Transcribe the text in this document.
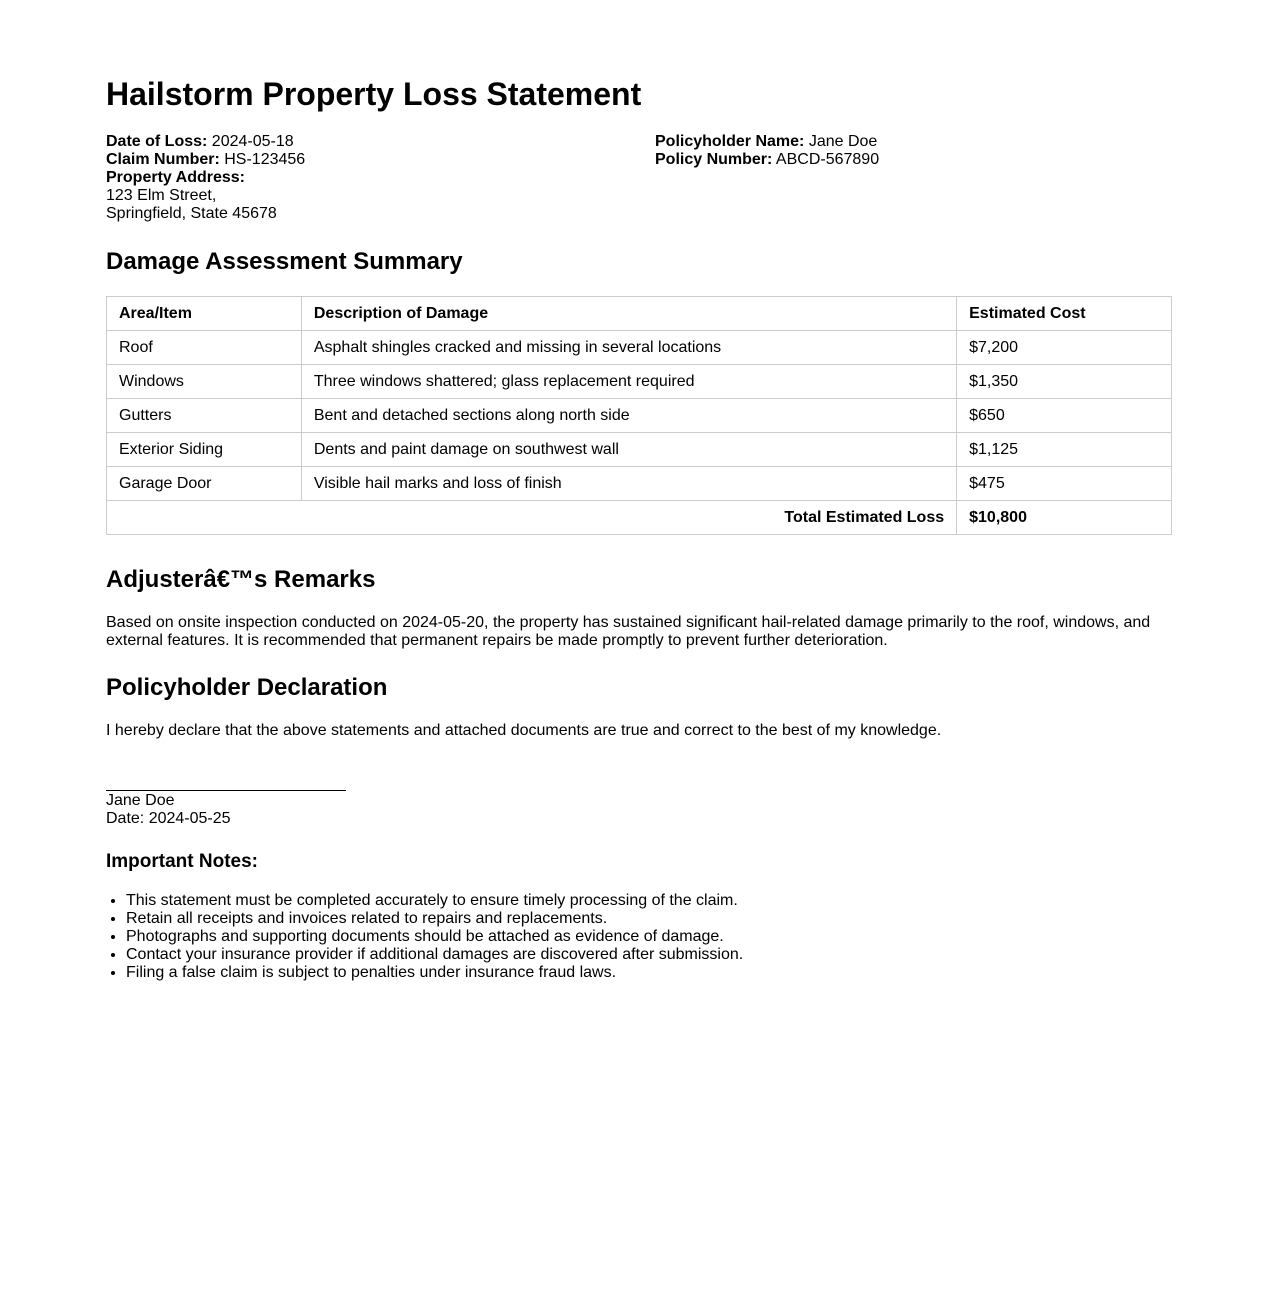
Hailstorm Property Loss Statement
Date of Loss: 2024-05-18
Claim Number: HS-123456
Property Address:
123 Elm Street,
Springfield, State 45678
Policyholder Name: Jane Doe
Policy Number: ABCD-567890
Damage Assessment Summary
Area/Item	Description of Damage	Estimated Cost
Roof	Asphalt shingles cracked and missing in several locations	$7,200
Windows	Three windows shattered; glass replacement required	$1,350
Gutters	Bent and detached sections along north side	$650
Exterior Siding	Dents and paint damage on southwest wall	$1,125
Garage Door	Visible hail marks and loss of finish	$475
Total Estimated Loss		$10,800
Adjusterâ€™s Remarks

Based on onsite inspection conducted on 2024-05-20, the property has sustained significant hail-related damage primarily to the roof, windows, and external features. It is recommended that permanent repairs be made promptly to prevent further deterioration.

Policyholder Declaration

I hereby declare that the above statements and attached documents are true and correct to the best of my knowledge.

Jane Doe
Date: 2024-05-25
Important Notes:
• This statement must be completed accurately to ensure timely processing of the claim.
• Retain all receipts and invoices related to repairs and replacements.
• Photographs and supporting documents should be attached as evidence of damage.
• Contact your insurance provider if additional damages are discovered after submission.
• Filing a false claim is subject to penalties under insurance fraud laws.
